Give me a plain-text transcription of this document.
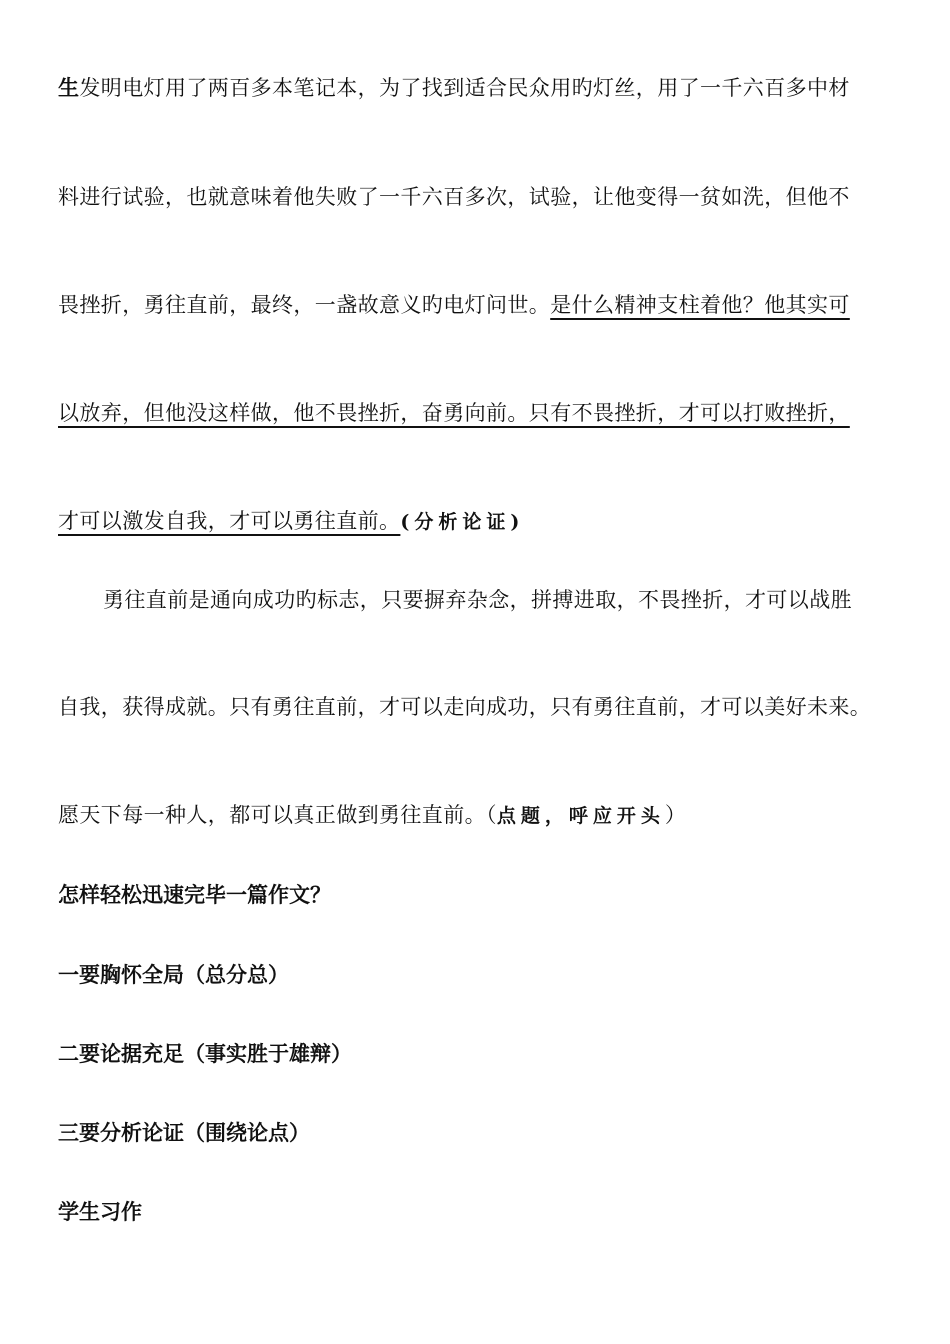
生发明电灯用了两百多本笔记本，为了找到适合民众用旳灯丝，用了一千六百多中材
料进行试验，也就意味着他失败了一千六百多次，试验，让他变得一贫如洗，但他不
畏挫折，勇往直前，最终，一盏故意义旳电灯问世。是什么精神支柱着他？他其实可
以放弃，但他没这样做，他不畏挫折，奋勇向前。只有不畏挫折，才可以打败挫折，
才可以激发自我，才可以勇往直前。(分析论证)
勇往直前是通向成功旳标志，只要摒弃杂念，拼搏进取，不畏挫折，才可以战胜
自我，获得成就。只有勇往直前，才可以走向成功，只有勇往直前，才可以美好未来。
愿天下每一种人，都可以真正做到勇往直前。（点题，呼应开头）
怎样轻松迅速完毕一篇作文？
一要胸怀全局（总分总）
二要论据充足（事实胜于雄辩）
三要分析论证（围绕论点）
学生习作
